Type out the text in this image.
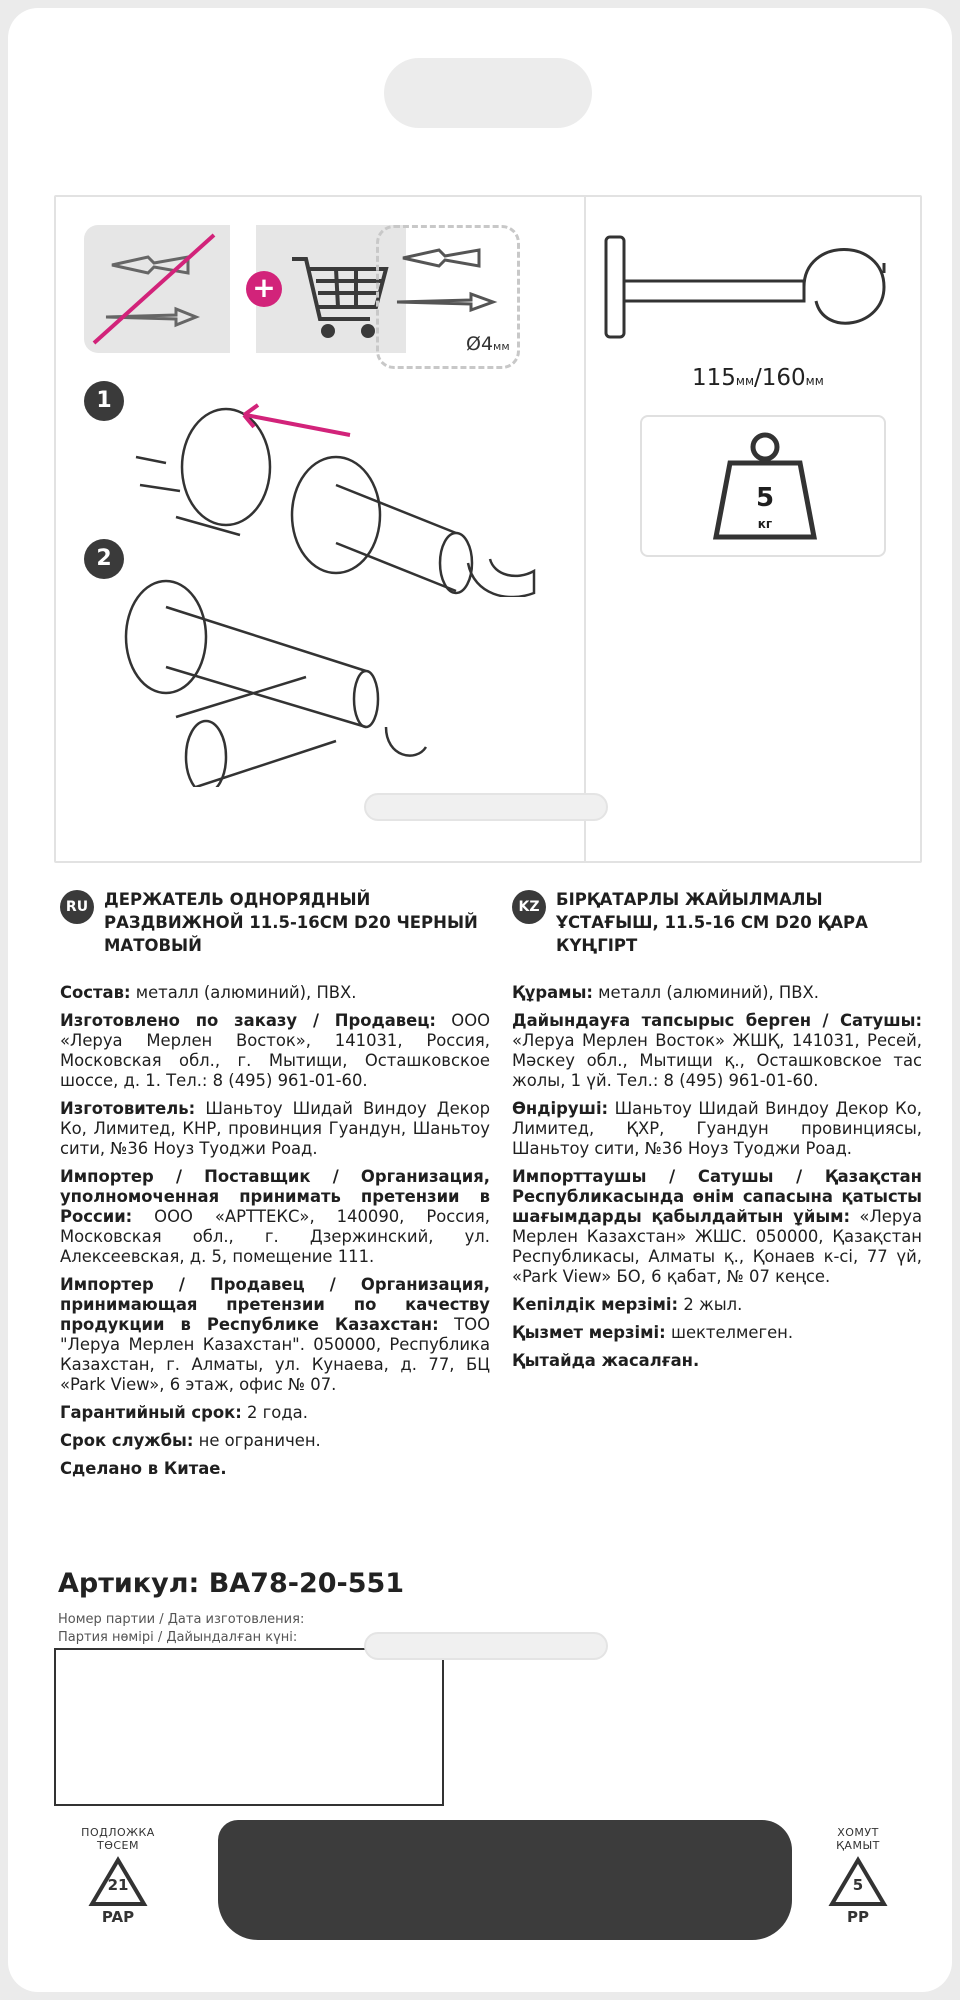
+
Ø4мм
1
2
115мм/160мм
5
кг
RU ДЕРЖАТЕЛЬ ОДНОРЯДНЫЙ РАЗДВИЖНОЙ 11.5-16СМ D20 ЧЕРНЫЙ МАТОВЫЙ

Состав: металл (алюминий), ПВХ.

Изготовлено по заказу / Продавец: ООО «Леруа Мерлен Восток», 141031, Россия, Московская обл., г. Мытищи, Осташковское шоссе, д. 1. Тел.: 8 (495) 961-01-60.

Изготовитель: Шаньтоу Шидай Виндоу Декор Ко, Лимитед, КНР, провинция Гуандун, Шаньтоу сити, №36 Ноуз Туоджи Роад.

Импортер / Поставщик / Организация, уполномоченная принимать претензии в России: ООО «АРТТЕКС», 140090, Россия, Московская обл., г. Дзержинский, ул. Алексеевская, д. 5, помещение 111.

Импортер / Продавец / Организация, принимающая претензии по качеству продукции в Республике Казахстан: ТОО "Леруа Мерлен Казахстан". 050000, Республика Казахстан, г. Алматы, ул. Кунаева, д. 77, БЦ «Park View», 6 этаж, офис № 07.

Гарантийный срок: 2 года.

Срок службы: не ограничен.

Сделано в Китае.

KZ	БІРҚАТАРЛЫ ЖАЙЫЛМАЛЫ ҰСТАҒЫШ, 11.5-16 СМ D20 ҚАРА КҮҢГІРТ

Құрамы: металл (алюминий), ПВХ.

Дайындауға тапсырыс берген / Сатушы: «Леруа Мерлен Восток» ЖШҚ, 141031, Ресей, Мәскеу обл., Мытищи қ., Осташковское тас жолы, 1 үй. Тел.: 8 (495) 961-01-60.

Өндіруші: Шаньтоу Шидай Виндоу Декор Ко, Лимитед, ҚХР, Гуандун провинциясы, Шаньтоу сити, №36 Ноуз Туоджи Роад.

Импорттаушы / Сатушы / Қазақстан Республикасында өнім сапасына қатысты шағымдарды қабылдайтын ұйым: «Леруа Мерлен Казахстан» ЖШС. 050000, Қазақстан Республикасы, Алматы қ., Қонаев к-сі, 77 үй, «Park View» БО, 6 қабат, № 07 кеңсе.

Кепілдік мерзімі: 2 жыл.

Қызмет мерзімі: шектелмеген.

Қытайда жасалған.

Артикул: ВА78-20-551
Номер партии / Дата изготовления:
Партия нөмірі / Дайындалған күні:
ПОДЛОЖКА
ТӨСЕМ
21
PAP
ХОМУТ
ҚАМЫТ
5
PP
